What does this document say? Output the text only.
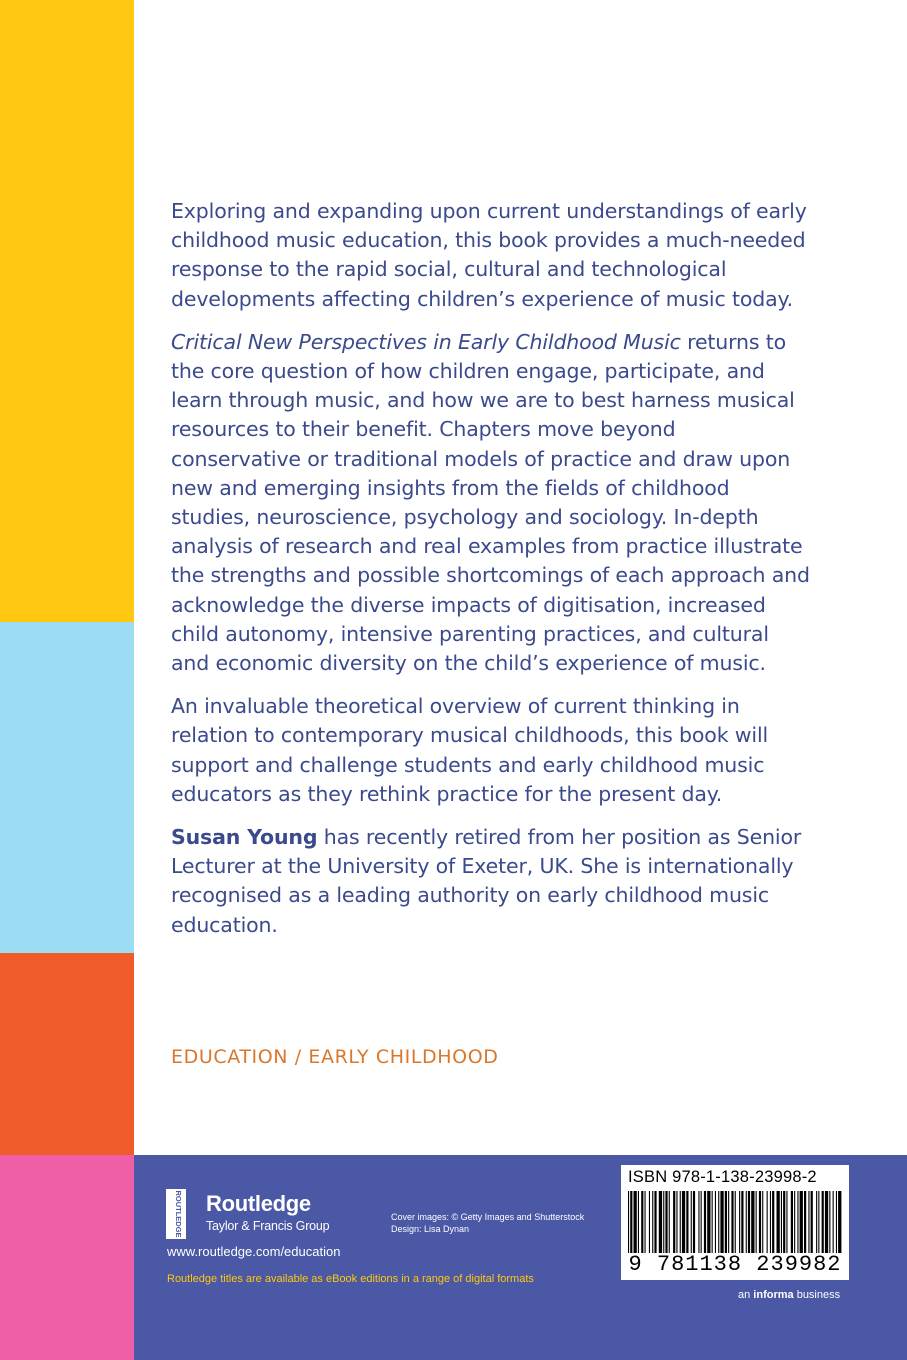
Exploring and expanding upon current understandings of early childhood music education, this book provides a much-needed response to the rapid social, cultural and technological developments affecting children’s experience of music today.

Critical New Perspectives in Early Childhood Music returns to the core question of how children engage, participate, and learn through music, and how we are to best harness musical resources to their benefit. Chapters move beyond conservative or traditional models of practice and draw upon new and emerging insights from the fields of childhood studies, neuroscience, psychology and sociology. In-depth analysis of research and real examples from practice illustrate the strengths and possible shortcomings of each approach and acknowledge the diverse impacts of digitisation, increased child autonomy, intensive parenting practices, and cultural and economic diversity on the child’s experience of music.

An invaluable theoretical overview of current thinking in relation to contemporary musical childhoods, this book will support and challenge students and early childhood music educators as they rethink practice for the present day.

Susan Young has recently retired from her position as Senior Lecturer at the University of Exeter, UK. She is internationally recognised as a leading authority on early childhood music education.

EDUCATION / EARLY CHILDHOOD
ROUTLEDGE Routledge
Taylor & Francis Group
www.routledge.com/education
Cover images: © Getty Images and Shutterstock
Design: Lisa Dynan
Routledge titles are available as eBook editions in a range of digital formats
ISBN 978-1-138-23998-2
9 781138 239982
an informa business
